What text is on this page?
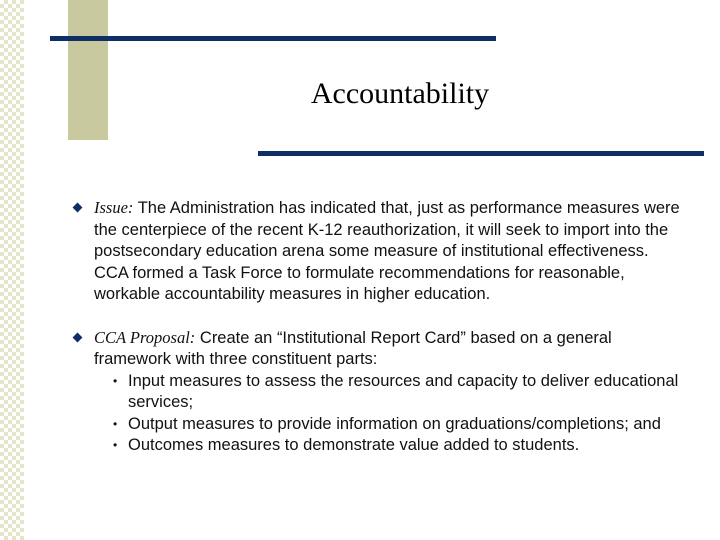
Accountability
Issue: The Administration has indicated that, just as performance measures were the centerpiece of the recent K-12 reauthorization, it will seek to import into the postsecondary education arena some measure of institutional effectiveness. CCA formed a Task Force to formulate recommendations for reasonable, workable accountability measures in higher education.
CCA Proposal: Create an “Institutional Report Card” based on a general framework with three constituent parts:
• Input measures to assess the resources and capacity to deliver educational services;
• Output measures to provide information on graduations/completions; and
• Outcomes measures to demonstrate value added to students.
